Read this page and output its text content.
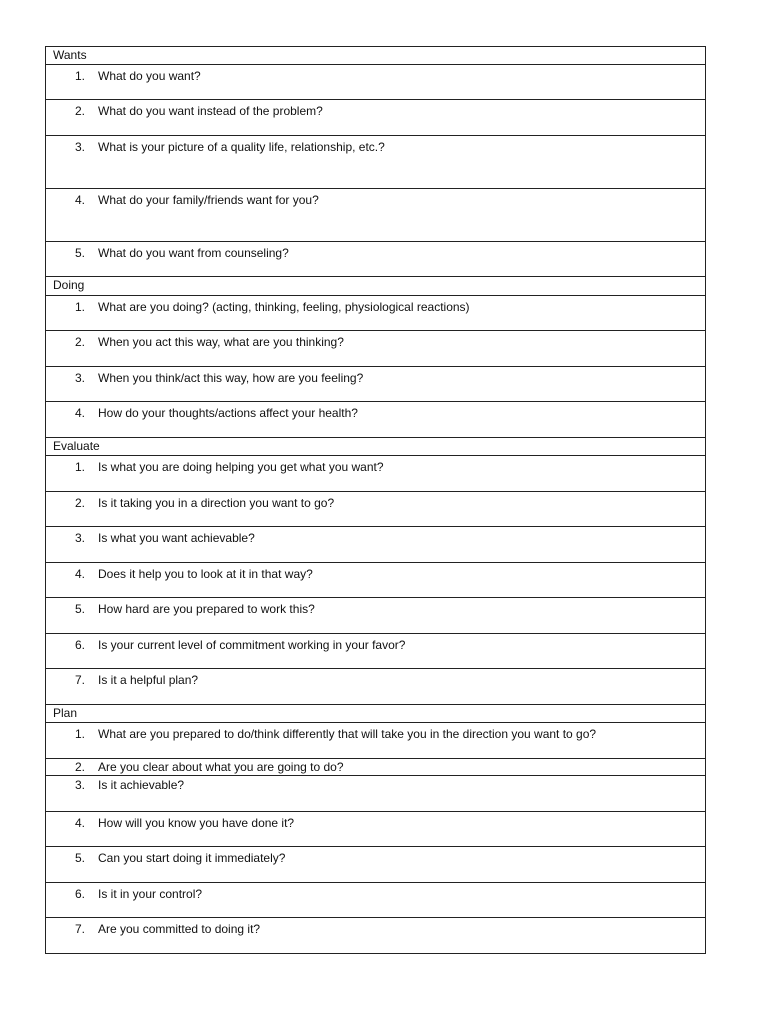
Wants
1. What do you want?
2. What do you want instead of the problem?
3. What is your picture of a quality life, relationship, etc.?
4. What do your family/friends want for you?
5. What do you want from counseling?
Doing
1. What are you doing? (acting, thinking, feeling, physiological reactions)
2. When you act this way, what are you thinking?
3. When you think/act this way, how are you feeling?
4. How do your thoughts/actions affect your health?
Evaluate
1. Is what you are doing helping you get what you want?
2. Is it taking you in a direction you want to go?
3. Is what you want achievable?
4. Does it help you to look at it in that way?
5. How hard are you prepared to work this?
6. Is your current level of commitment working in your favor?
7. Is it a helpful plan?
Plan
1. What are you prepared to do/think differently that will take you in the direction you want to go?
2. Are you clear about what you are going to do?
3. Is it achievable?
4. How will you know you have done it?
5. Can you start doing it immediately?
6. Is it in your control?
7. Are you committed to doing it?
